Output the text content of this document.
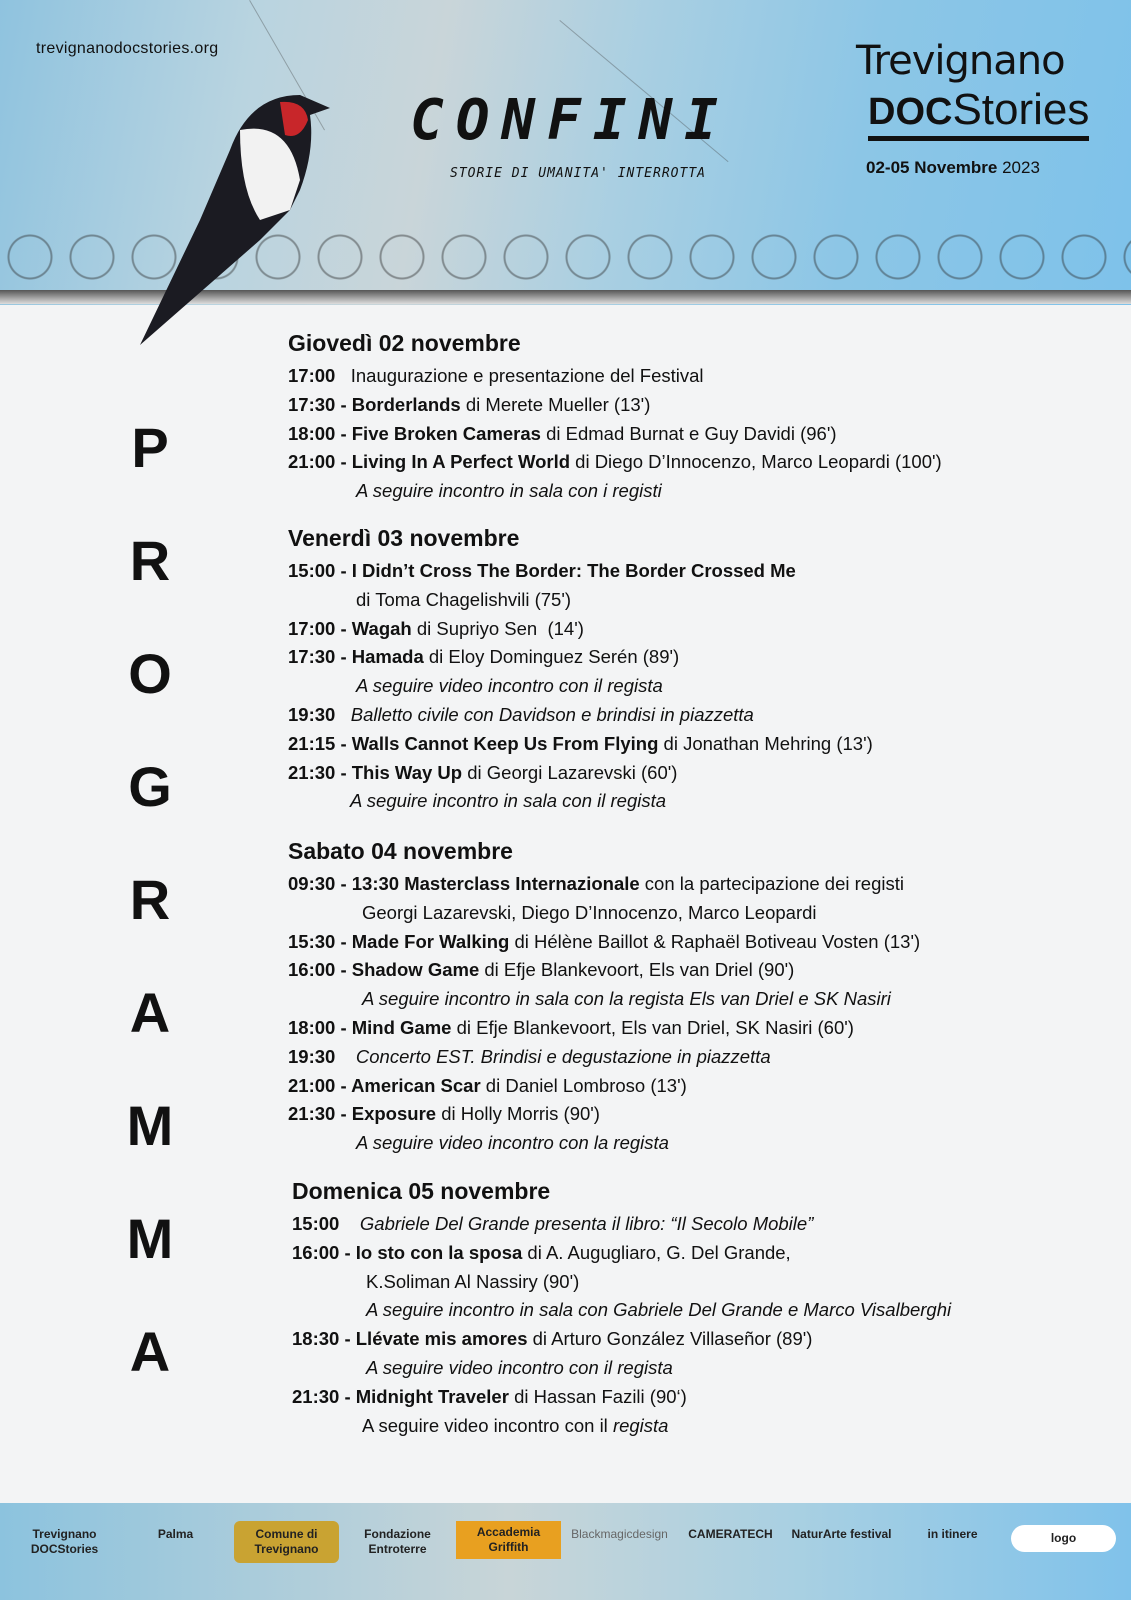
trevignanodocstories.org
CONFINI
STORIE DI UMANITA' INTERROTTA
Trevignano
DOCStories
02-05 Novembre 2023
P
R
O
G
R
A
M
M
A
Giovedì 02 novembre
17:00   Inaugurazione e presentazione del Festival
17:30 - Borderlands di Merete Mueller (13')
18:00 - Five Broken Cameras di Edmad Burnat e Guy Davidi (96')
21:00 - Living In A Perfect World di Diego D’Innocenzo, Marco Leopardi (100')
A seguire incontro in sala con i registi
Venerdì 03 novembre
15:00 - I Didn’t Cross The Border: The Border Crossed Me
di Toma Chagelishvili (75')
17:00 - Wagah di Supriyo Sen  (14')
17:30 - Hamada di Eloy Dominguez Serén (89')
A seguire video incontro con il regista
19:30   Balletto civile con Davidson e brindisi in piazzetta
21:15 - Walls Cannot Keep Us From Flying di Jonathan Mehring (13')
21:30 - This Way Up di Georgi Lazarevski (60')
A seguire incontro in sala con il regista
Sabato 04 novembre
09:30 - 13:30 Masterclass Internazionale con la partecipazione dei registi
Georgi Lazarevski, Diego D’Innocenzo, Marco Leopardi
15:30 - Made For Walking di Hélène Baillot & Raphaël Botiveau Vosten (13')
16:00 - Shadow Game di Efje Blankevoort, Els van Driel (90')
A seguire incontro in sala con la regista Els van Driel e SK Nasiri
18:00 - Mind Game di Efje Blankevoort, Els van Driel, SK Nasiri (60')
19:30    Concerto EST. Brindisi e degustazione in piazzetta
21:00 - American Scar di Daniel Lombroso (13')
21:30 - Exposure di Holly Morris (90')
A seguire video incontro con la regista
Domenica 05 novembre
15:00    Gabriele Del Grande presenta il libro: “Il Secolo Mobile”
16:00 - Io sto con la sposa di A. Augugliaro, G. Del Grande,
K.Soliman Al Nassiry (90')
A seguire incontro in sala con Gabriele Del Grande e Marco Visalberghi
18:30 - Llévate mis amores di Arturo González Villaseñor (89')
A seguire video incontro con il regista
21:30 - Midnight Traveler di Hassan Fazili (90‘)
A seguire video incontro con il regista
Trevignano DOCStories
Palma	Comune di Trevignano
Fondazione Entroterre
Accademia Griffith
Blackmagicdesign	CAMERATECH	NaturArte festival	in itinere	logo
